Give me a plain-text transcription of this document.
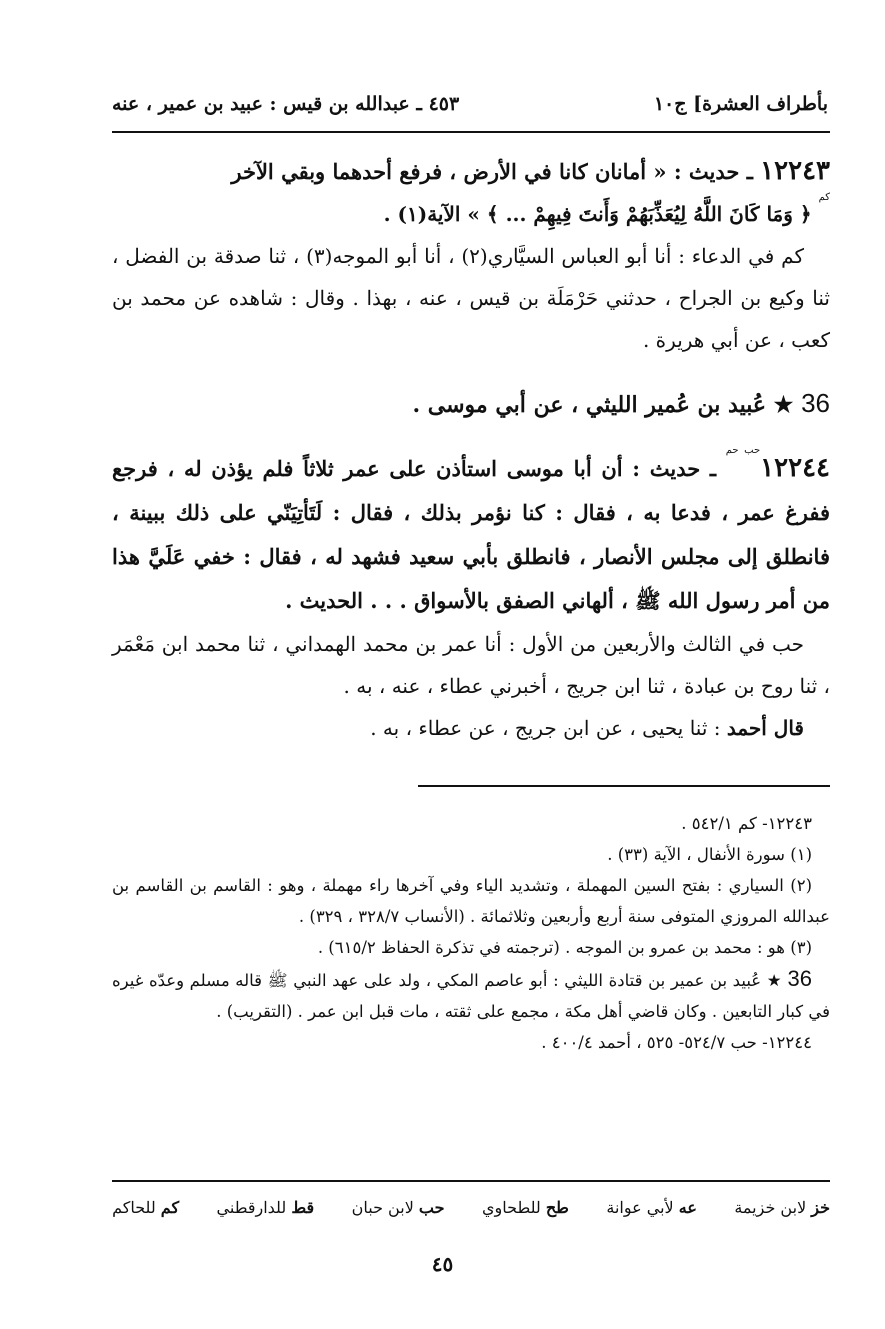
بأطراف العشرة] ج١٠
٤٥٣ ـ عبدالله بن قيس : عبيد بن عمير ، عنه

١٢٢٤٣ ـ حديث : « أمانان كانا في الأرض ، فرفع أحدهما وبقي الآخر

$^{كم}$ ﴿ وَمَا كَانَ اللَّهُ لِيُعَذِّبَهُمْ وَأَنتَ فِيهِمْ ... ﴾ » الآية(١) .

كم في الدعاء : أنا أبو العباس السيَّاري(٢) ، أنا أبو الموجه(٣) ، ثنا صدقة بن الفضل ، ثنا وكيع بن الجراح ، حدثني حَرْمَلَة بن قيس ، عنه ، بهذا . وقال : شاهده عن محمد بن كعب ، عن أبي هريرة .

36 ★ عُبيد بن عُمير الليثي ، عن أبي موسى .

$١٢٢٤٤^{حب حم}$ ـ حديث : أن أبا موسى استأذن على عمر ثلاثاً فلم يؤذن له ، فرجع ففرغ عمر ، فدعا به ، فقال : كنا نؤمر بذلك ، فقال : لَتَأتِيَنّي على ذلك ببينة ، فانطلق إلى مجلس الأنصار ، فانطلق بأبي سعيد فشهد له ، فقال : خفي عَلَيَّ هذا من أمر رسول الله ﷺ ، ألهاني الصفق بالأسواق . . . الحديث .

حب في الثالث والأربعين من الأول : أنا عمر بن محمد الهمداني ، ثنا محمد ابن مَعْمَر ، ثنا روح بن عبادة ، ثنا ابن جريج ، أخبرني عطاء ، عنه ، به .

قال أحمد : ثنا يحيى ، عن ابن جريج ، عن عطاء ، به .

١٢٢٤٣- كم ٥٤٢/١ .

(١) سورة الأنفال ، الآية (٣٣) .

(٢) السياري : بفتح السين المهملة ، وتشديد الياء وفي آخرها راء مهملة ، وهو : القاسم بن القاسم بن عبدالله المروزي المتوفى سنة أربع وأربعين وثلاثمائة . (الأنساب ٣٢٨/٧ ، ٣٢٩) .

(٣) هو : محمد بن عمرو بن الموجه . (ترجمته في تذكرة الحفاظ ٦١٥/٢) .

36 ★ عُبيد بن عمير بن قتادة الليثي : أبو عاصم المكي ، ولد على عهد النبي ﷺ قاله مسلم وعدّه غيره في كبار التابعين . وكان قاضي أهل مكة ، مجمع على ثقته ، مات قبل ابن عمر . (التقريب) .

١٢٢٤٤- حب ٥٢٤/٧- ٥٢٥ ، أحمد ٤٠٠/٤ .

خز لابن خزيمة
عه لأبي عوانة
طح للطحاوي
حب لابن حبان
قط للدارقطني
كم للحاكم
٤٥
